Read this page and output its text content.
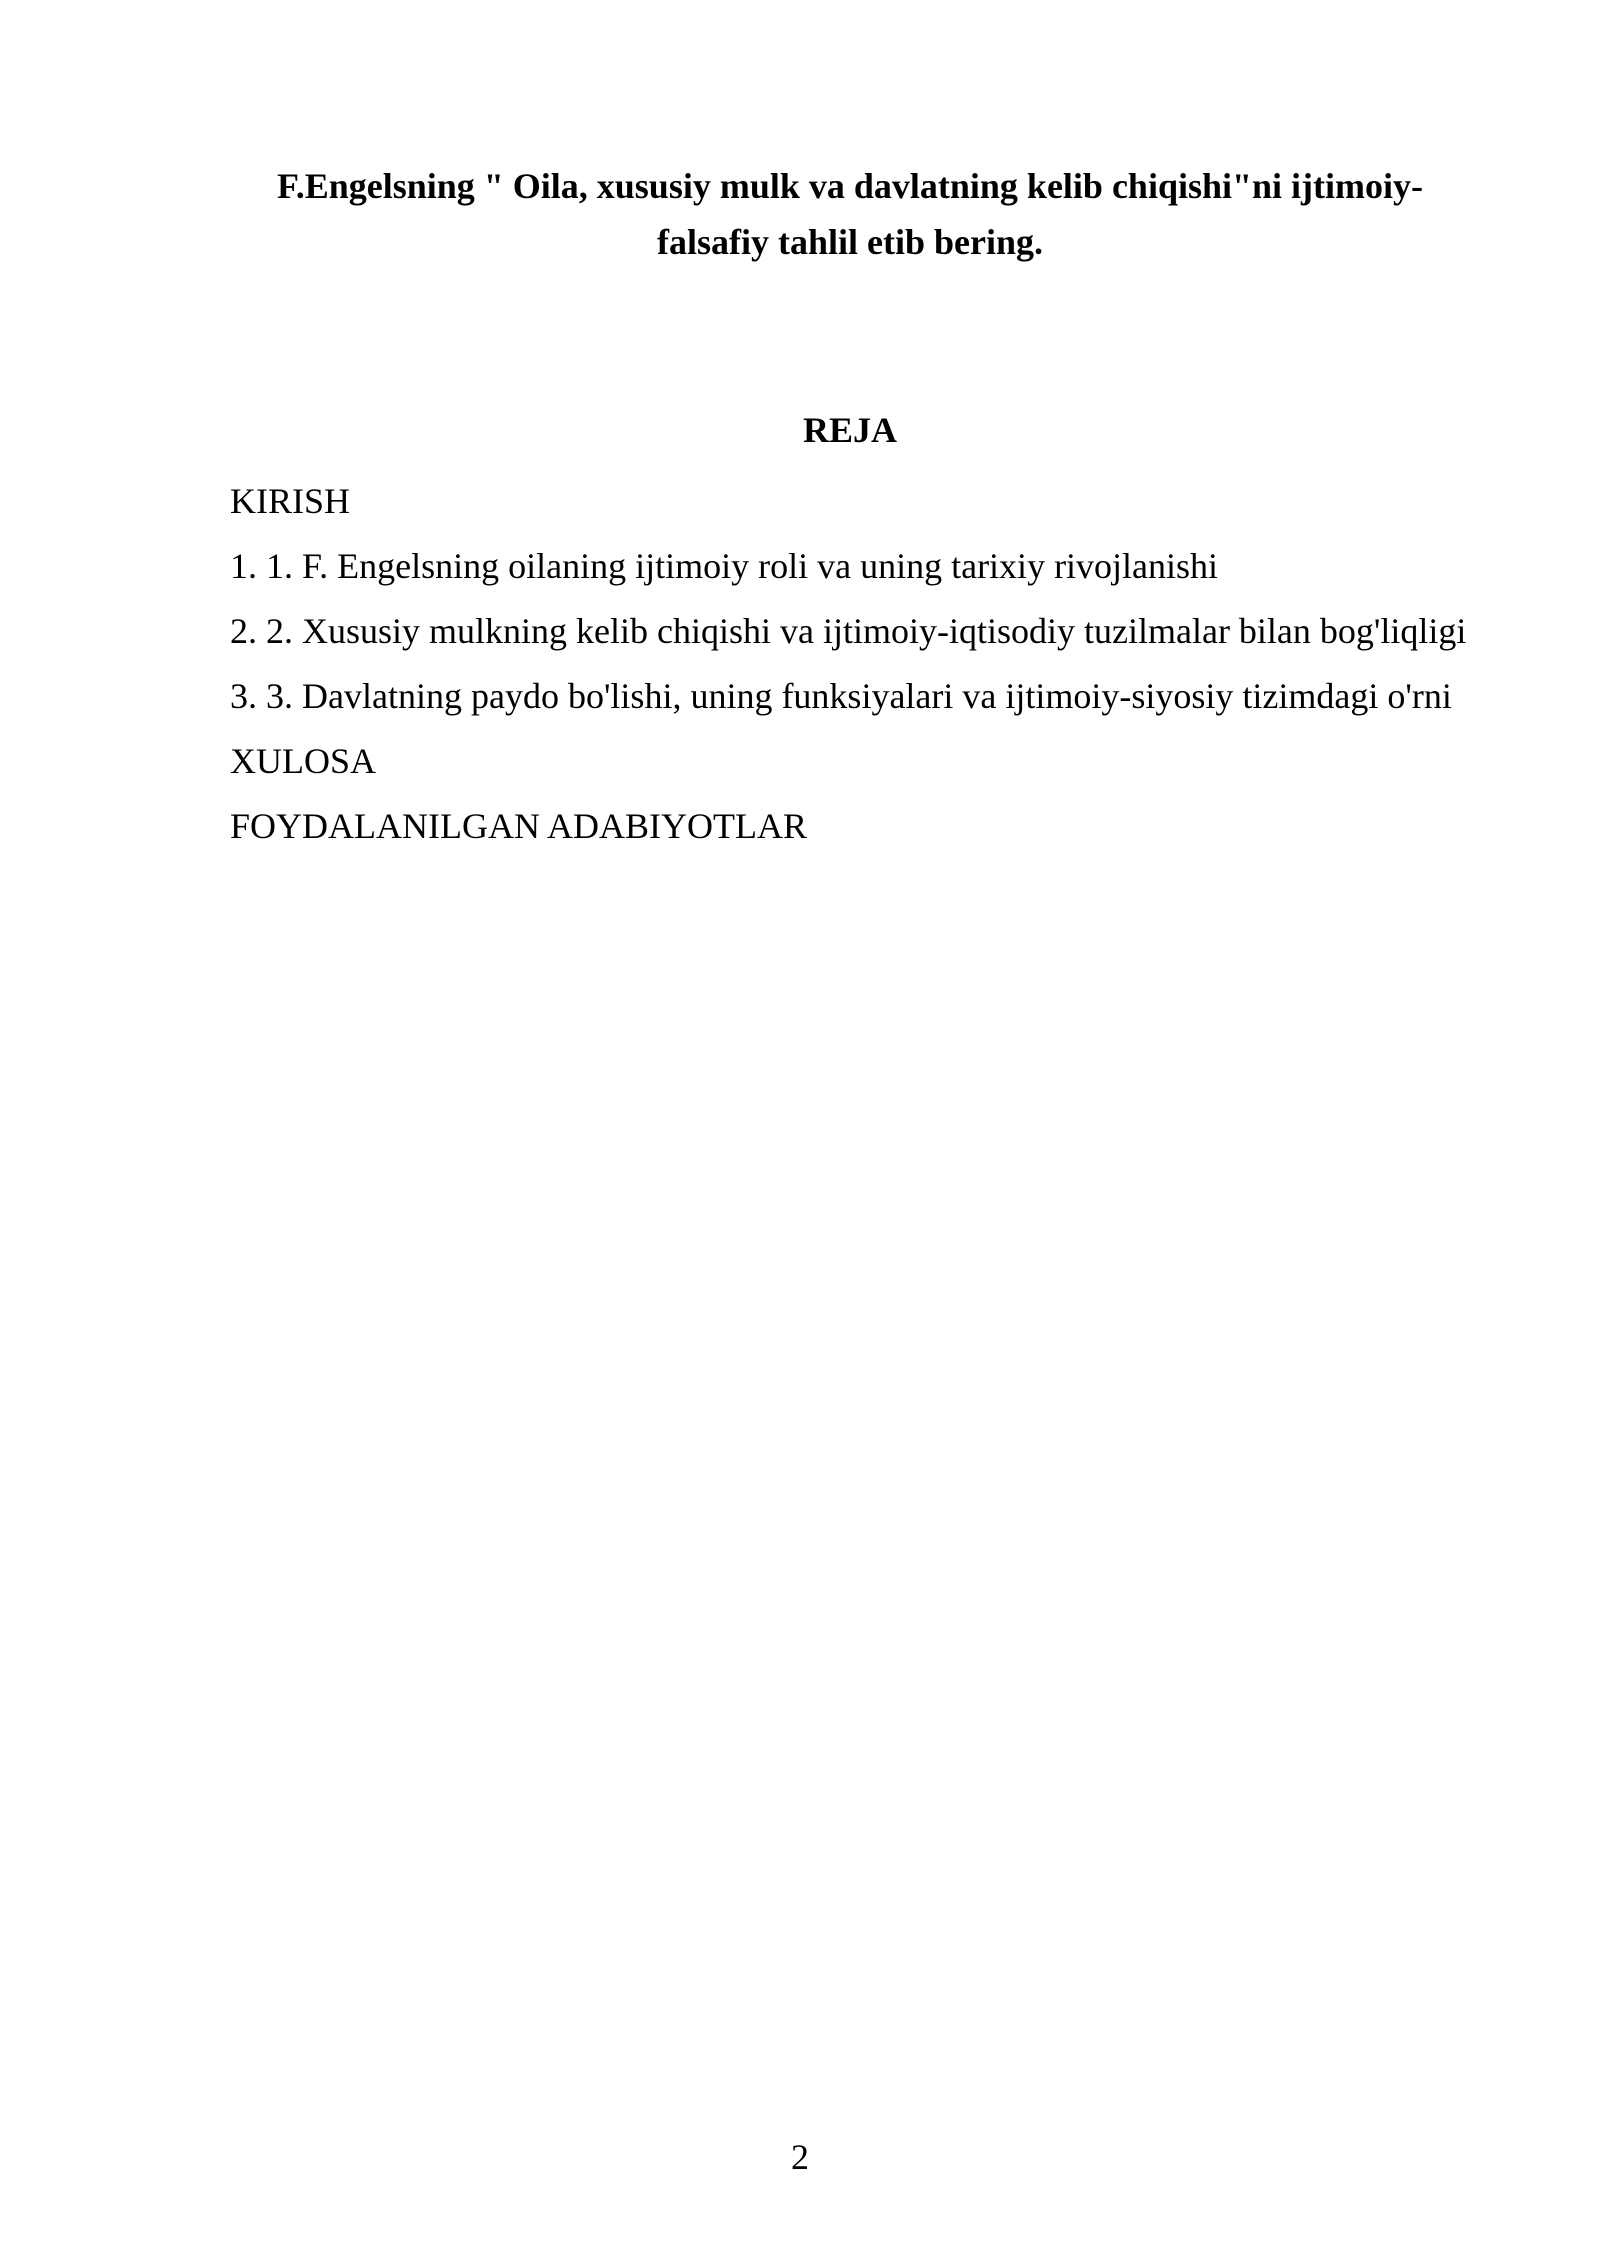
F.Engelsning " Oila, xususiy mulk va davlatning kelib chiqishi"ni ijtimoiy-falsafiy tahlil etib bering.
REJA
KIRISH
1. 1. F. Engelsning oilaning ijtimoiy roli va uning tarixiy rivojlanishi
2. 2. Xususiy mulkning kelib chiqishi va ijtimoiy-iqtisodiy tuzilmalar bilan bog'liqligi
3. 3. Davlatning paydo bo'lishi, uning funksiyalari va ijtimoiy-siyosiy tizimdagi o'rni
XULOSA
FOYDALANILGAN ADABIYOTLAR
2
